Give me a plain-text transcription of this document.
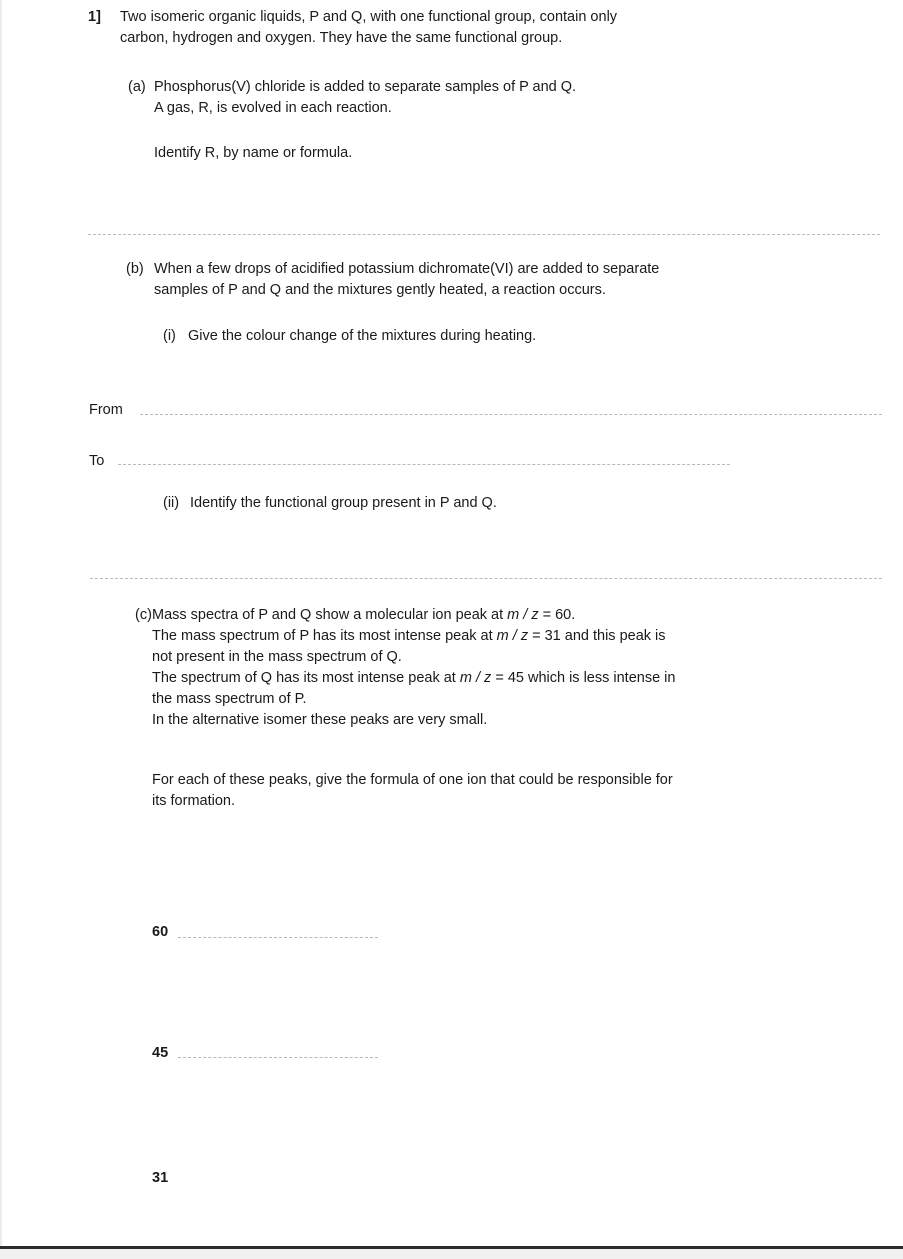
1] Two isomeric organic liquids, P and Q, with one functional group, contain only
carbon, hydrogen and oxygen. They have the same functional group.
(a) Phosphorus(V) chloride is added to separate samples of P and Q.
A gas, R, is evolved in each reaction.
Identify R, by name or formula.
(b) When a few drops of acidified potassium dichromate(VI) are added to separate
samples of P and Q and the mixtures gently heated, a reaction occurs.
(i) Give the colour change of the mixtures during heating.
From
To
(ii) Identify the functional group present in P and Q.
(c) Mass spectra of P and Q show a molecular ion peak at m / z = 60.
The mass spectrum of P has its most intense peak at m / z = 31 and this peak is
not present in the mass spectrum of Q.
The spectrum of Q has its most intense peak at m / z = 45 which is less intense in
the mass spectrum of P.
In the alternative isomer these peaks are very small.
For each of these peaks, give the formula of one ion that could be responsible for
its formation.
60
45
31
